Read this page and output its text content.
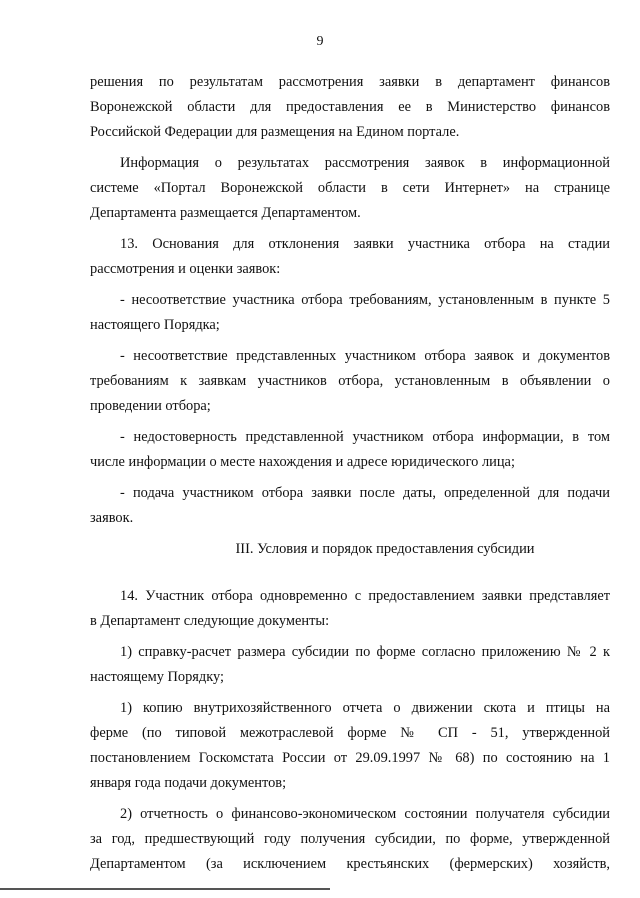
9
решения по результатам рассмотрения заявки в департамент финансов
Воронежской области для предоставления ее в Министерство финансов
Российской Федерации для размещения на Едином портале.
Информация о результатах рассмотрения заявок в информационной
системе «Портал Воронежской области в сети Интернет» на странице
Департамента размещается Департаментом.
13. Основания для отклонения заявки участника отбора на стадии
рассмотрения и оценки заявок:
- несоответствие участника отбора требованиям, установленным в пункте 5
настоящего Порядка;
- несоответствие представленных участником отбора заявок и документов
требованиям к заявкам участников отбора, установленным в объявлении о
проведении отбора;
- недостоверность представленной участником отбора информации, в том
числе информации о месте нахождения и адресе юридического лица;
- подача участником отбора заявки после даты, определенной для подачи
заявок.
III. Условия и порядок предоставления субсидии
14. Участник отбора одновременно с предоставлением заявки представляет
в Департамент следующие документы:
1) справку-расчет размера субсидии по форме согласно приложению № 2 к
настоящему Порядку;
1) копию внутрихозяйственного отчета о движении скота и птицы на
ферме (по типовой межотраслевой форме № СП - 51, утвержденной
постановлением Госкомстата России от 29.09.1997 № 68) по состоянию на 1
января года подачи документов;
2) отчетность о финансово-экономическом состоянии получателя субсидии
за год, предшествующий году получения субсидии, по форме, утвержденной
Департаментом (за исключением крестьянских (фермерских) хозяйств,
